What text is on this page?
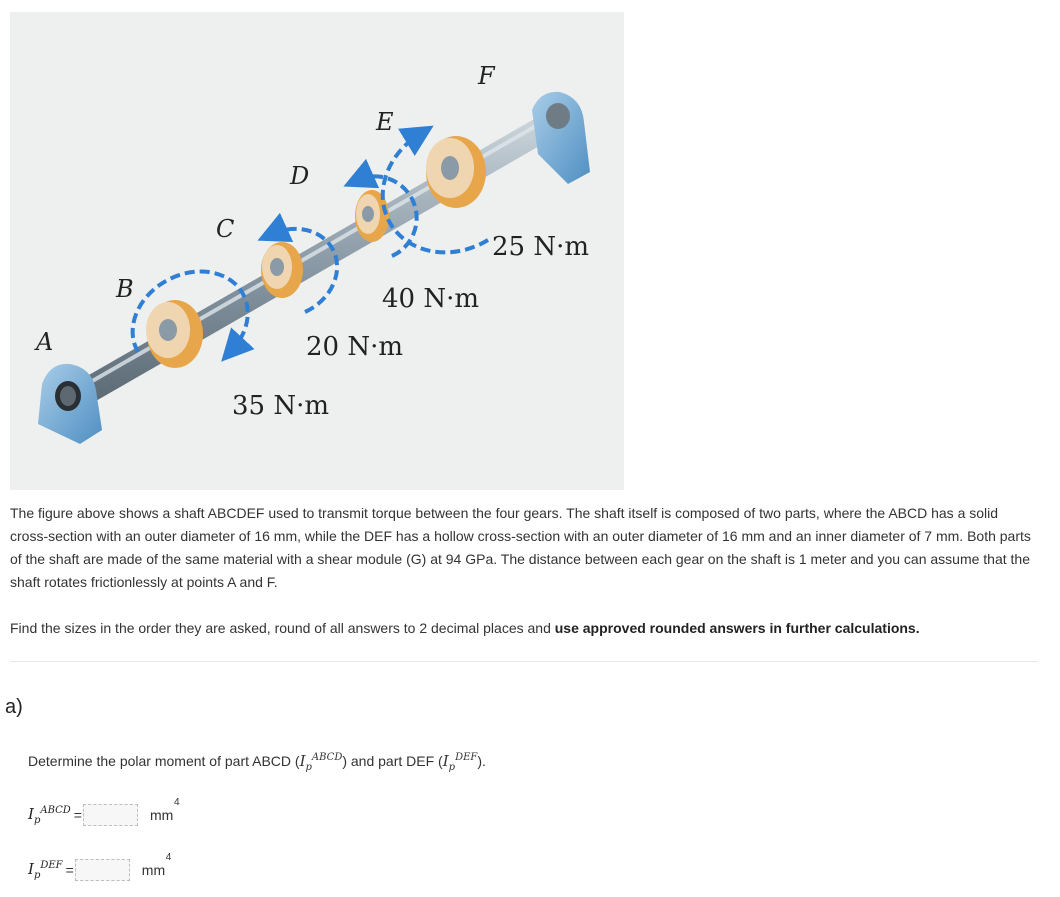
A
B
C
D
E
F
35 N·m
20 N·m
40 N·m
25 N·m

The figure above shows a shaft ABCDEF used to transmit torque between the four gears. The shaft itself is composed of two parts, where the ABCD has a solid cross-section with an outer diameter of 16 mm, while the DEF has a hollow cross-section with an outer diameter of 16 mm and an inner diameter of 7 mm. Both parts of the shaft are made of the same material with a shear module (G) at 94 GPa. The distance between each gear on the shaft is 1 meter and you can assume that the shaft rotates frictionlessly at points A and F.

Find the sizes in the order they are asked, round of all answers to 2 decimal places and use approved rounded answers in further calculations.
a)
Determine the polar moment of part ABCD $(I_p^{ABCD})$ and part DEF $(I_p^{DEF})$.
$I_p^{ABCD}$ =	mm
4
$I_p^{DEF}$ =	mm
4
